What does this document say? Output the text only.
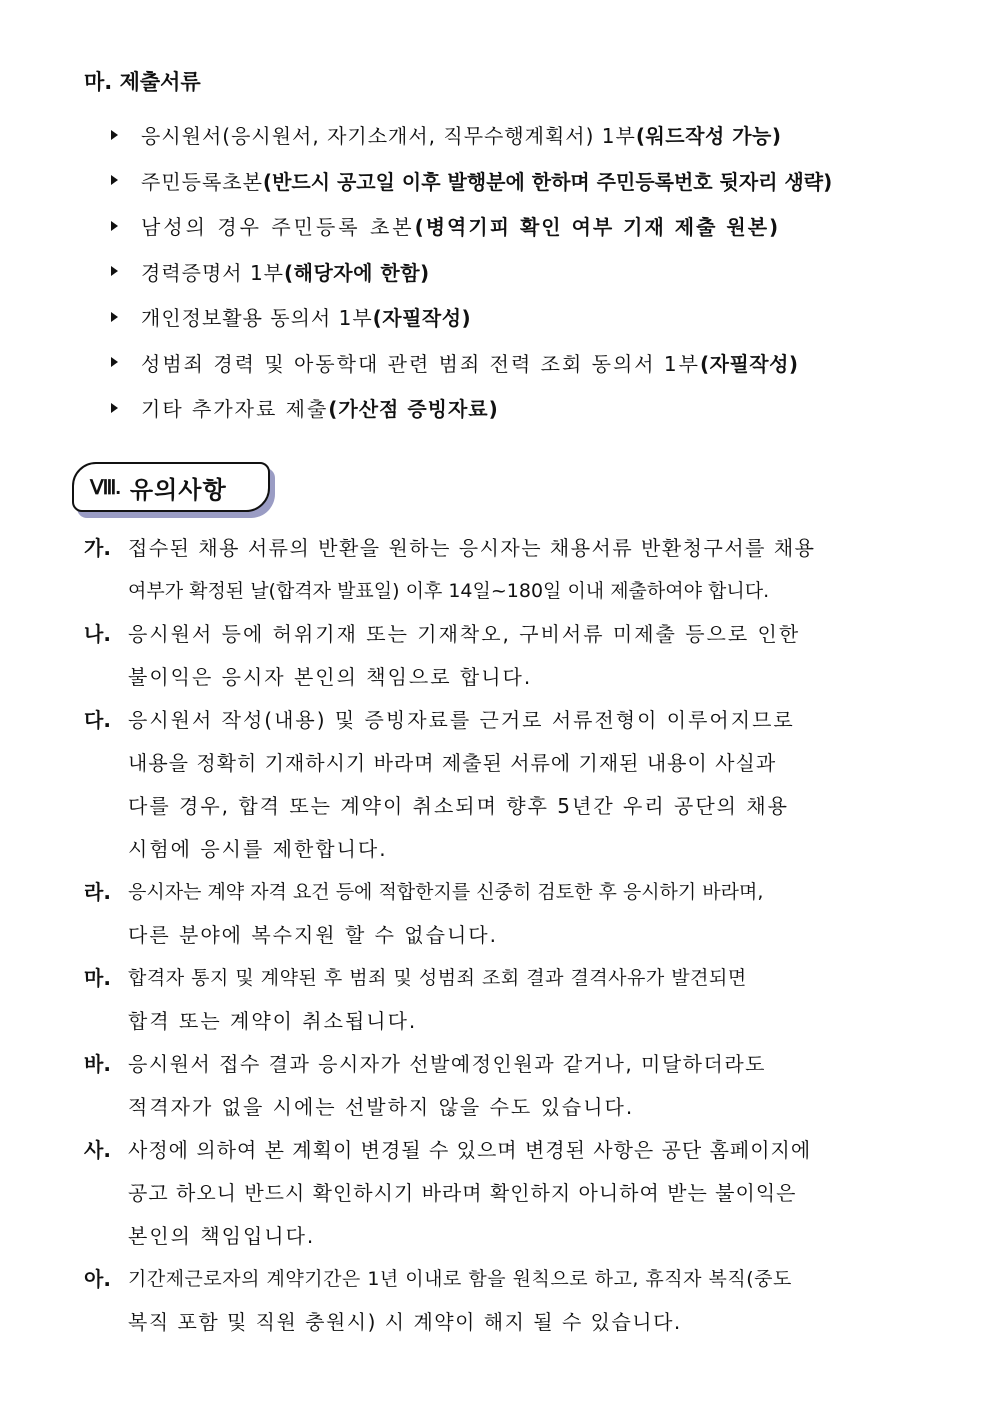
마. 제출서류
응시원서(응시원서, 자기소개서, 직무수행계획서) 1부 (워드작성 가능)
주민등록초본 (반드시 공고일 이후 발행분에 한하며 주민등록번호 뒷자리 생략)
남성의 경우 주민등록 초본 (병역기피 확인 여부 기재 제출 원본)
경력증명서 1부 (해당자에 한함)
개인정보활용 동의서 1부 (자필작성)
성범죄 경력 및 아동학대 관련 범죄 전력 조회 동의서 1부 (자필작성)
기타 추가자료 제출 (가산점 증빙자료)
Ⅷ. 유의사항
가. 접수된 채용 서류의 반환을 원하는 응시자는 채용서류 반환청구서를 채용
여부가 확정된 날(합격자 발표일) 이후 14일~180일 이내 제출하여야 합니다.
나. 응시원서 등에 허위기재 또는 기재착오, 구비서류 미제출 등으로 인한
불이익은 응시자 본인의 책임으로 합니다.
다. 응시원서 작성(내용) 및 증빙자료를 근거로 서류전형이 이루어지므로
내용을 정확히 기재하시기 바라며 제출된 서류에 기재된 내용이 사실과
다를 경우, 합격 또는 계약이 취소되며 향후 5년간 우리 공단의 채용
시험에 응시를 제한합니다.
라. 응시자는 계약 자격 요건 등에 적합한지를 신중히 검토한 후 응시하기 바라며,
다른 분야에 복수지원 할 수 없습니다.
마. 합격자 통지 및 계약된 후 범죄 및 성범죄 조회 결과 결격사유가 발견되면
합격 또는 계약이 취소됩니다.
바. 응시원서 접수 결과 응시자가 선발예정인원과 같거나, 미달하더라도
적격자가 없을 시에는 선발하지 않을 수도 있습니다.
사. 사정에 의하여 본 계획이 변경될 수 있으며 변경된 사항은 공단 홈페이지에
공고 하오니 반드시 확인하시기 바라며 확인하지 아니하여 받는 불이익은
본인의 책임입니다.
아. 기간제근로자의 계약기간은 1년 이내로 함을 원칙으로 하고, 휴직자 복직(중도
복직 포함 및 직원 충원시) 시 계약이 해지 될 수 있습니다.
